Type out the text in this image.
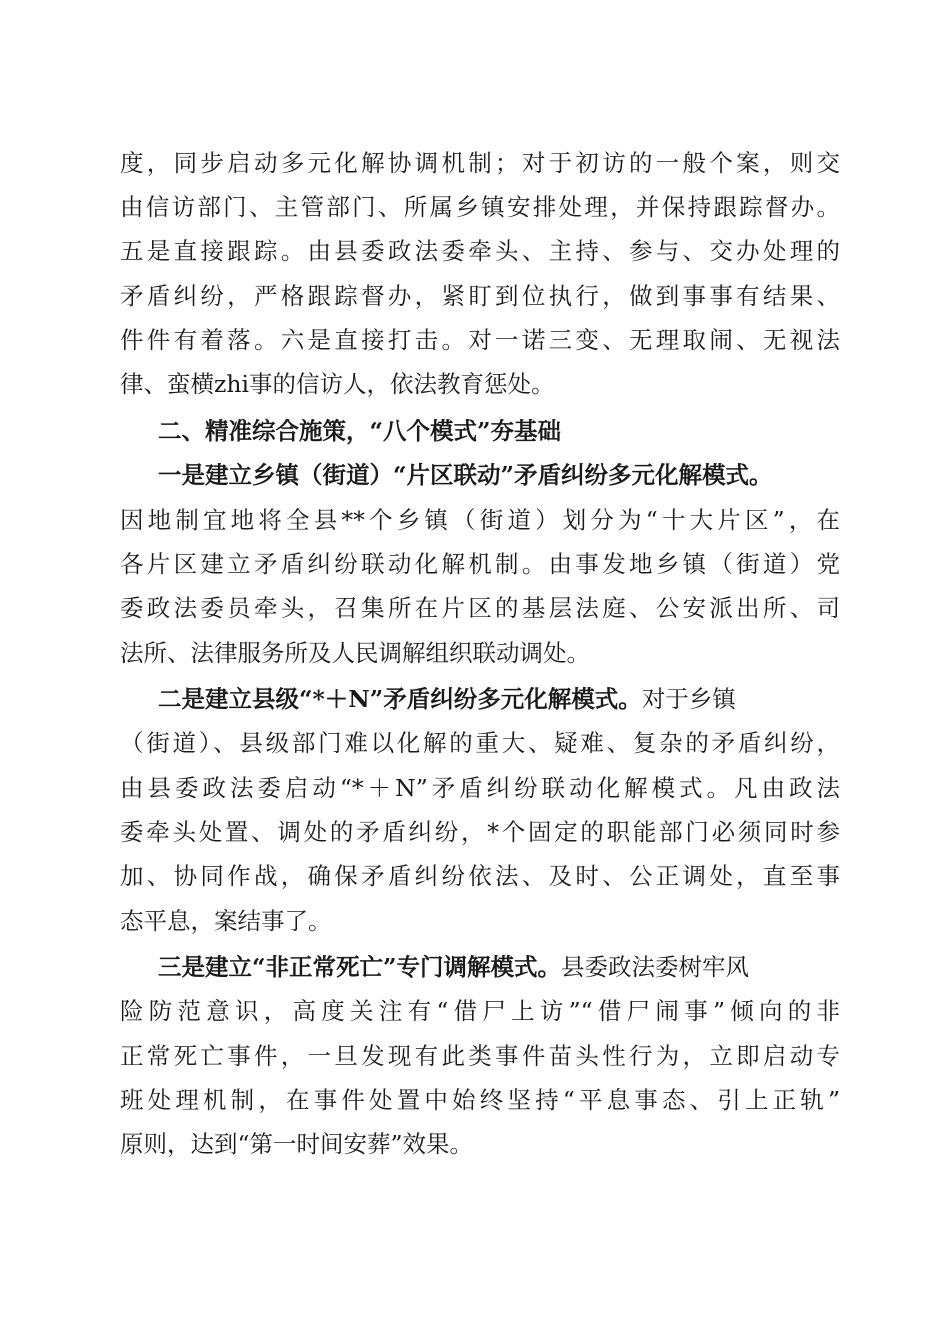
度，同步启动多元化解协调机制；对于初访的一般个案，则交
由信访部门、主管部门、所属乡镇安排处理，并保持跟踪督办。
五是直接跟踪。由县委政法委牵头、主持、参与、交办处理的
矛盾纠纷，严格跟踪督办，紧盯到位执行，做到事事有结果、
件件有着落。六是直接打击。对一诺三变、无理取闹、无视法
律、蛮横zhi事的信访人，依法教育惩处。
二、精准综合施策，“八个模式”夯基础
一是建立乡镇（街道）“片区联动”矛盾纠纷多元化解模式。
因地制宜地将全县**个乡镇（街道）划分为“十大片区”，在
各片区建立矛盾纠纷联动化解机制。由事发地乡镇（街道）党
委政法委员牵头，召集所在片区的基层法庭、公安派出所、司
法所、法律服务所及人民调解组织联动调处。
二是建立县级“*＋N”矛盾纠纷多元化解模式。对于乡镇
（街道）、县级部门难以化解的重大、疑难、复杂的矛盾纠纷，
由县委政法委启动“*＋N”矛盾纠纷联动化解模式。凡由政法
委牵头处置、调处的矛盾纠纷，*个固定的职能部门必须同时参
加、协同作战，确保矛盾纠纷依法、及时、公正调处，直至事
态平息，案结事了。
三是建立“非正常死亡”专门调解模式。县委政法委树牢风
险防范意识，高度关注有“借尸上访”“借尸闹事”倾向的非
正常死亡事件，一旦发现有此类事件苗头性行为，立即启动专
班处理机制，在事件处置中始终坚持“平息事态、引上正轨”
原则，达到“第一时间安葬”效果。
